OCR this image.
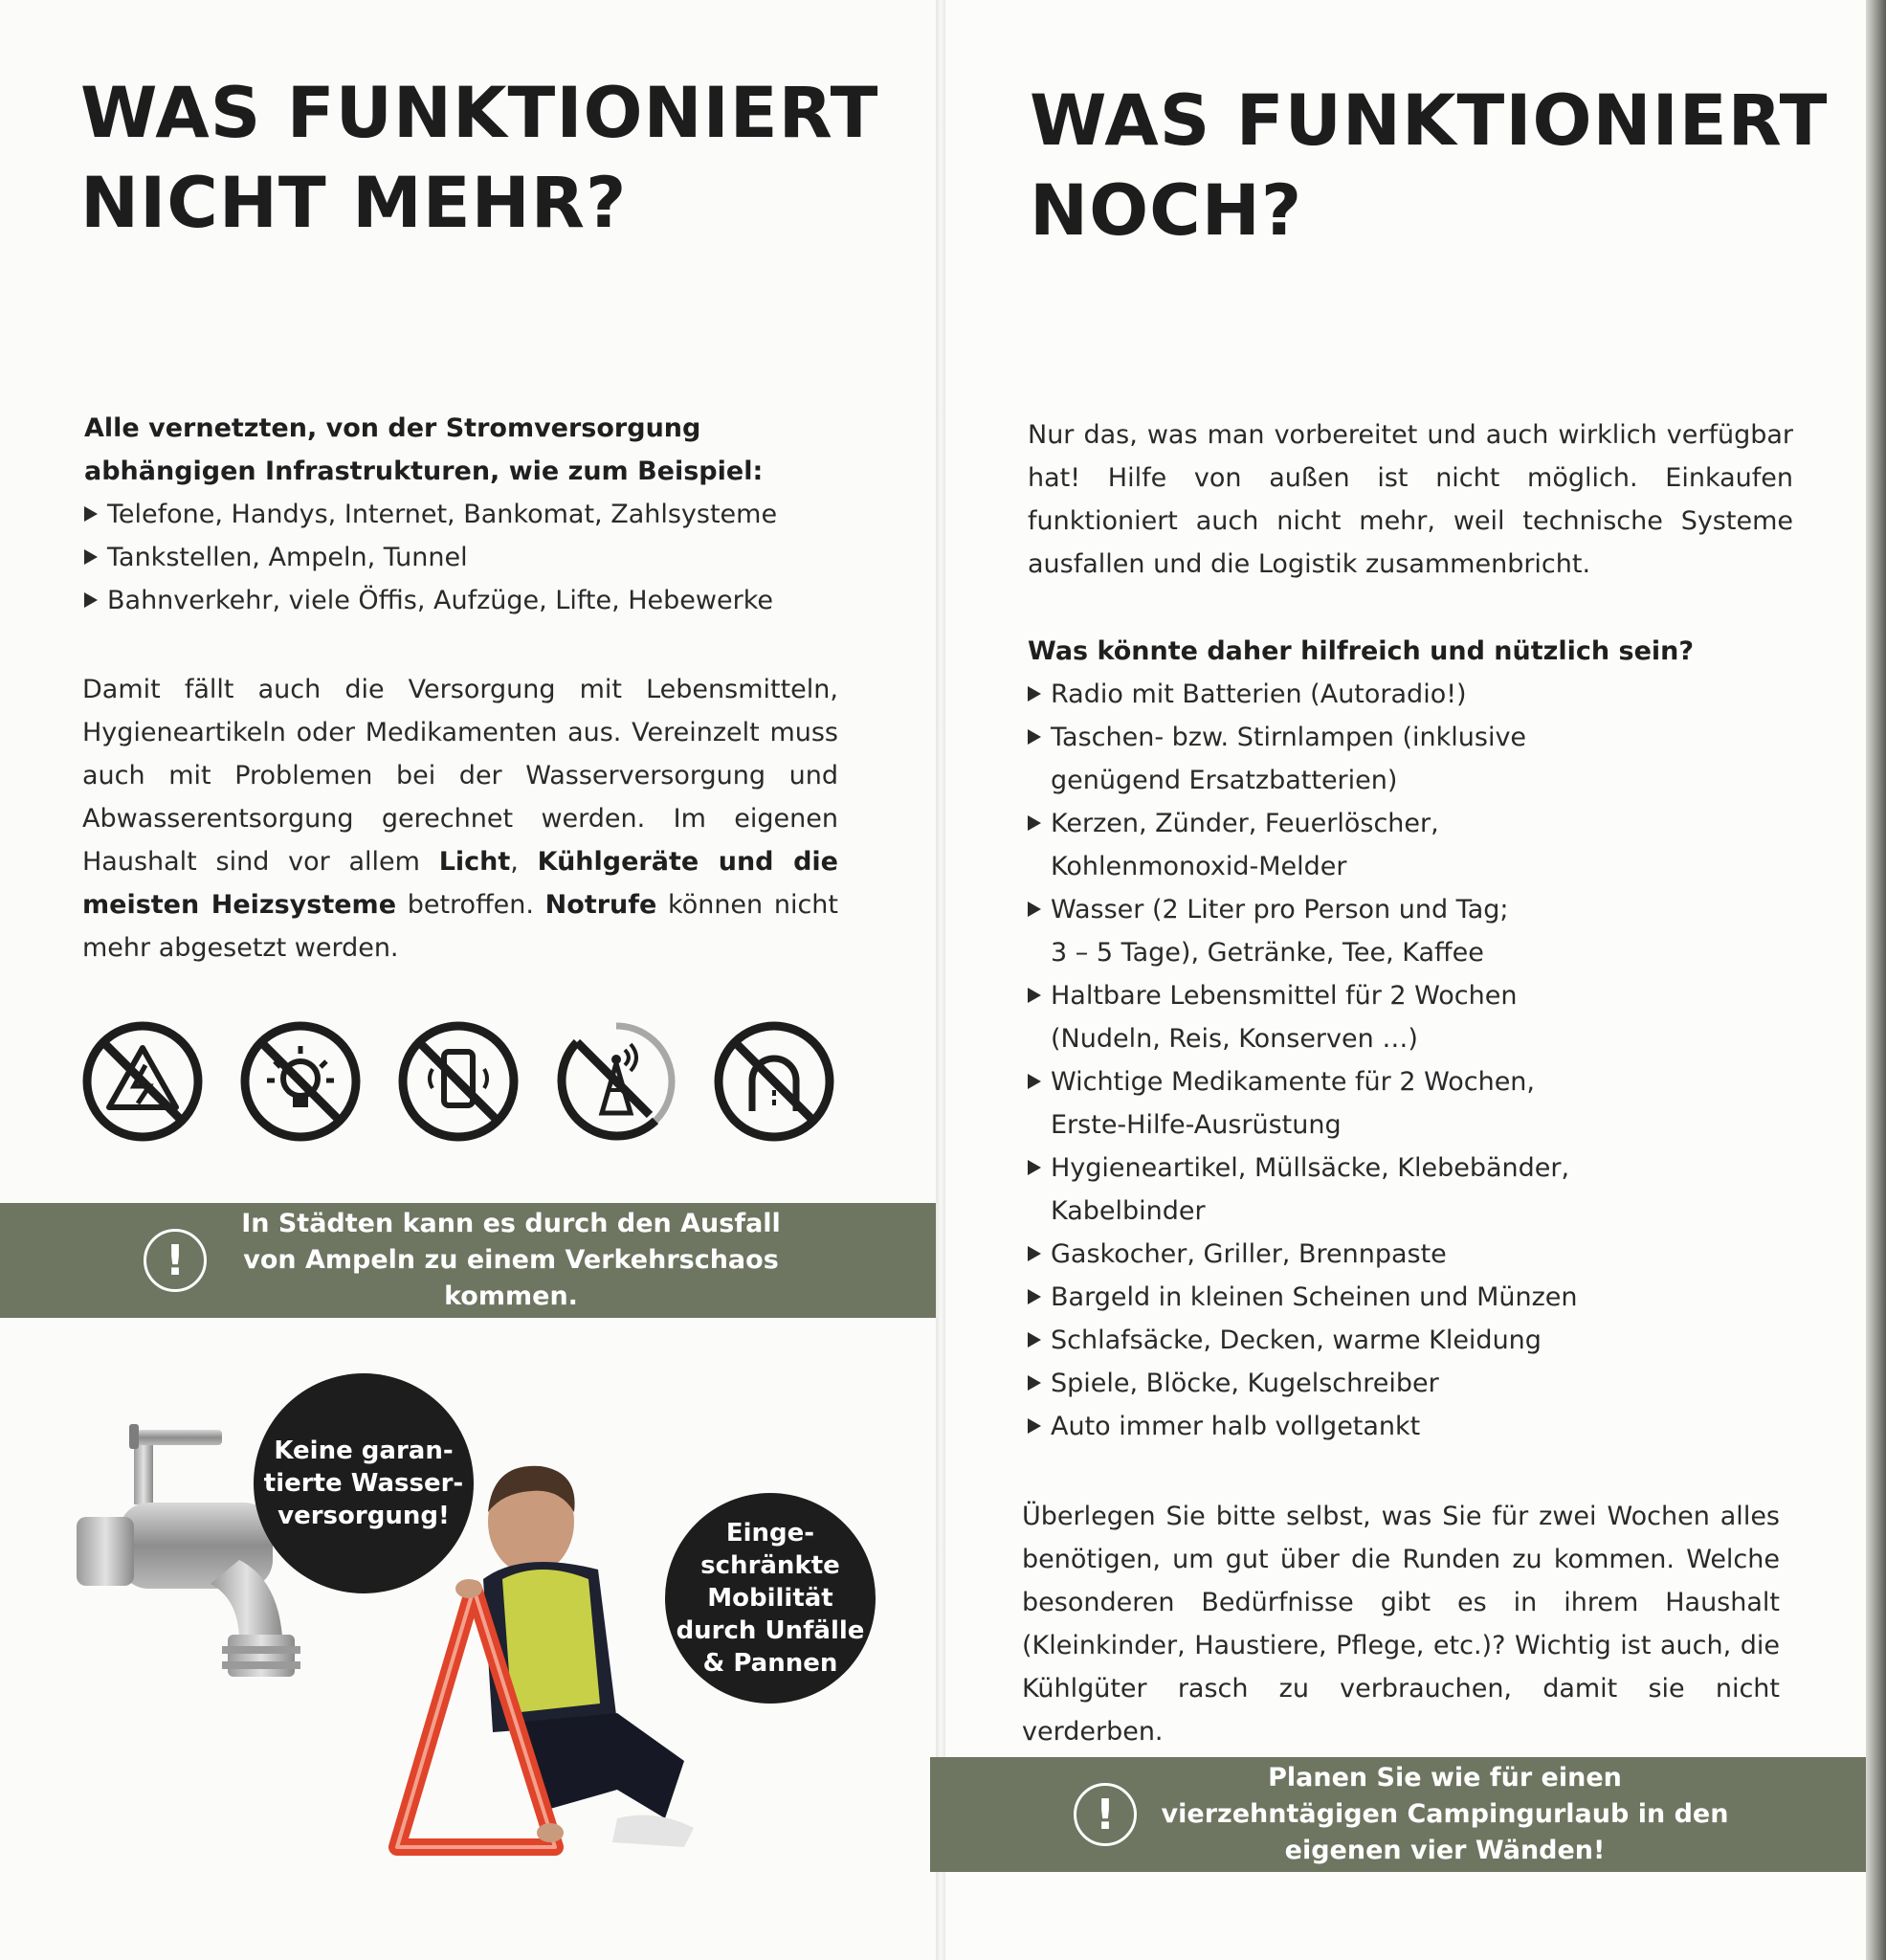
WAS FUNKTIONIERT NICHT MEHR?

Alle vernetzten, von der Stromversorgung abhängigen Infrastrukturen, wie zum Beispiel:

Telefone, Handys, Internet, Bankomat, Zahlsysteme
Tankstellen, Ampeln, Tunnel
Bahnverkehr, viele Öffis, Aufzüge, Lifte, Hebewerke

Damit fällt auch die Versorgung mit Lebensmitteln, Hygieneartikeln oder Medikamenten aus. Vereinzelt muss auch mit Problemen bei der Wasserversorgung und Abwasserentsorgung gerechnet werden. Im eigenen Haushalt sind vor allem Licht, Kühlgeräte und die meisten Heizsysteme betroffen. Notrufe können nicht mehr abgesetzt werden.

!
In Städten kann es durch den Ausfall von Ampeln zu einem Verkehrschaos kommen.
Keine garan-
tierte Wasser-
versorgung!
Einge-
schränkte
Mobilität
durch Unfälle
& Pannen
WAS FUNKTIONIERT NOCH?

Nur das, was man vorbereitet und auch wirklich verfügbar hat! Hilfe von außen ist nicht möglich. Einkaufen funktioniert auch nicht mehr, weil technische Systeme ausfallen und die Logistik zusammenbricht.

Was könnte daher hilfreich und nützlich sein?

Radio mit Batterien (Autoradio!)
Taschen- bzw. Stirnlampen (inklusive genügend Ersatzbatterien)
Kerzen, Zünder, Feuerlöscher, Kohlenmonoxid-Melder
Wasser (2 Liter pro Person und Tag; 3 – 5 Tage), Getränke, Tee, Kaffee
Haltbare Lebensmittel für 2 Wochen (Nudeln, Reis, Konserven …)
Wichtige Medikamente für 2 Wochen, Erste-Hilfe-Ausrüstung
Hygieneartikel, Müllsäcke, Klebebänder, Kabelbinder
Gaskocher, Griller, Brennpaste
Bargeld in kleinen Scheinen und Münzen
Schlafsäcke, Decken, warme Kleidung
Spiele, Blöcke, Kugelschreiber
Auto immer halb vollgetankt

Überlegen Sie bitte selbst, was Sie für zwei Wochen alles benötigen, um gut über die Runden zu kommen. Welche besonderen Bedürfnisse gibt es in ihrem Haushalt (Kleinkinder, Haustiere, Pflege, etc.)? Wichtig ist auch, die Kühlgüter rasch zu verbrauchen, damit sie nicht verderben.

!
Planen Sie wie für einen vierzehntägigen Campingurlaub in den eigenen vier Wänden!
